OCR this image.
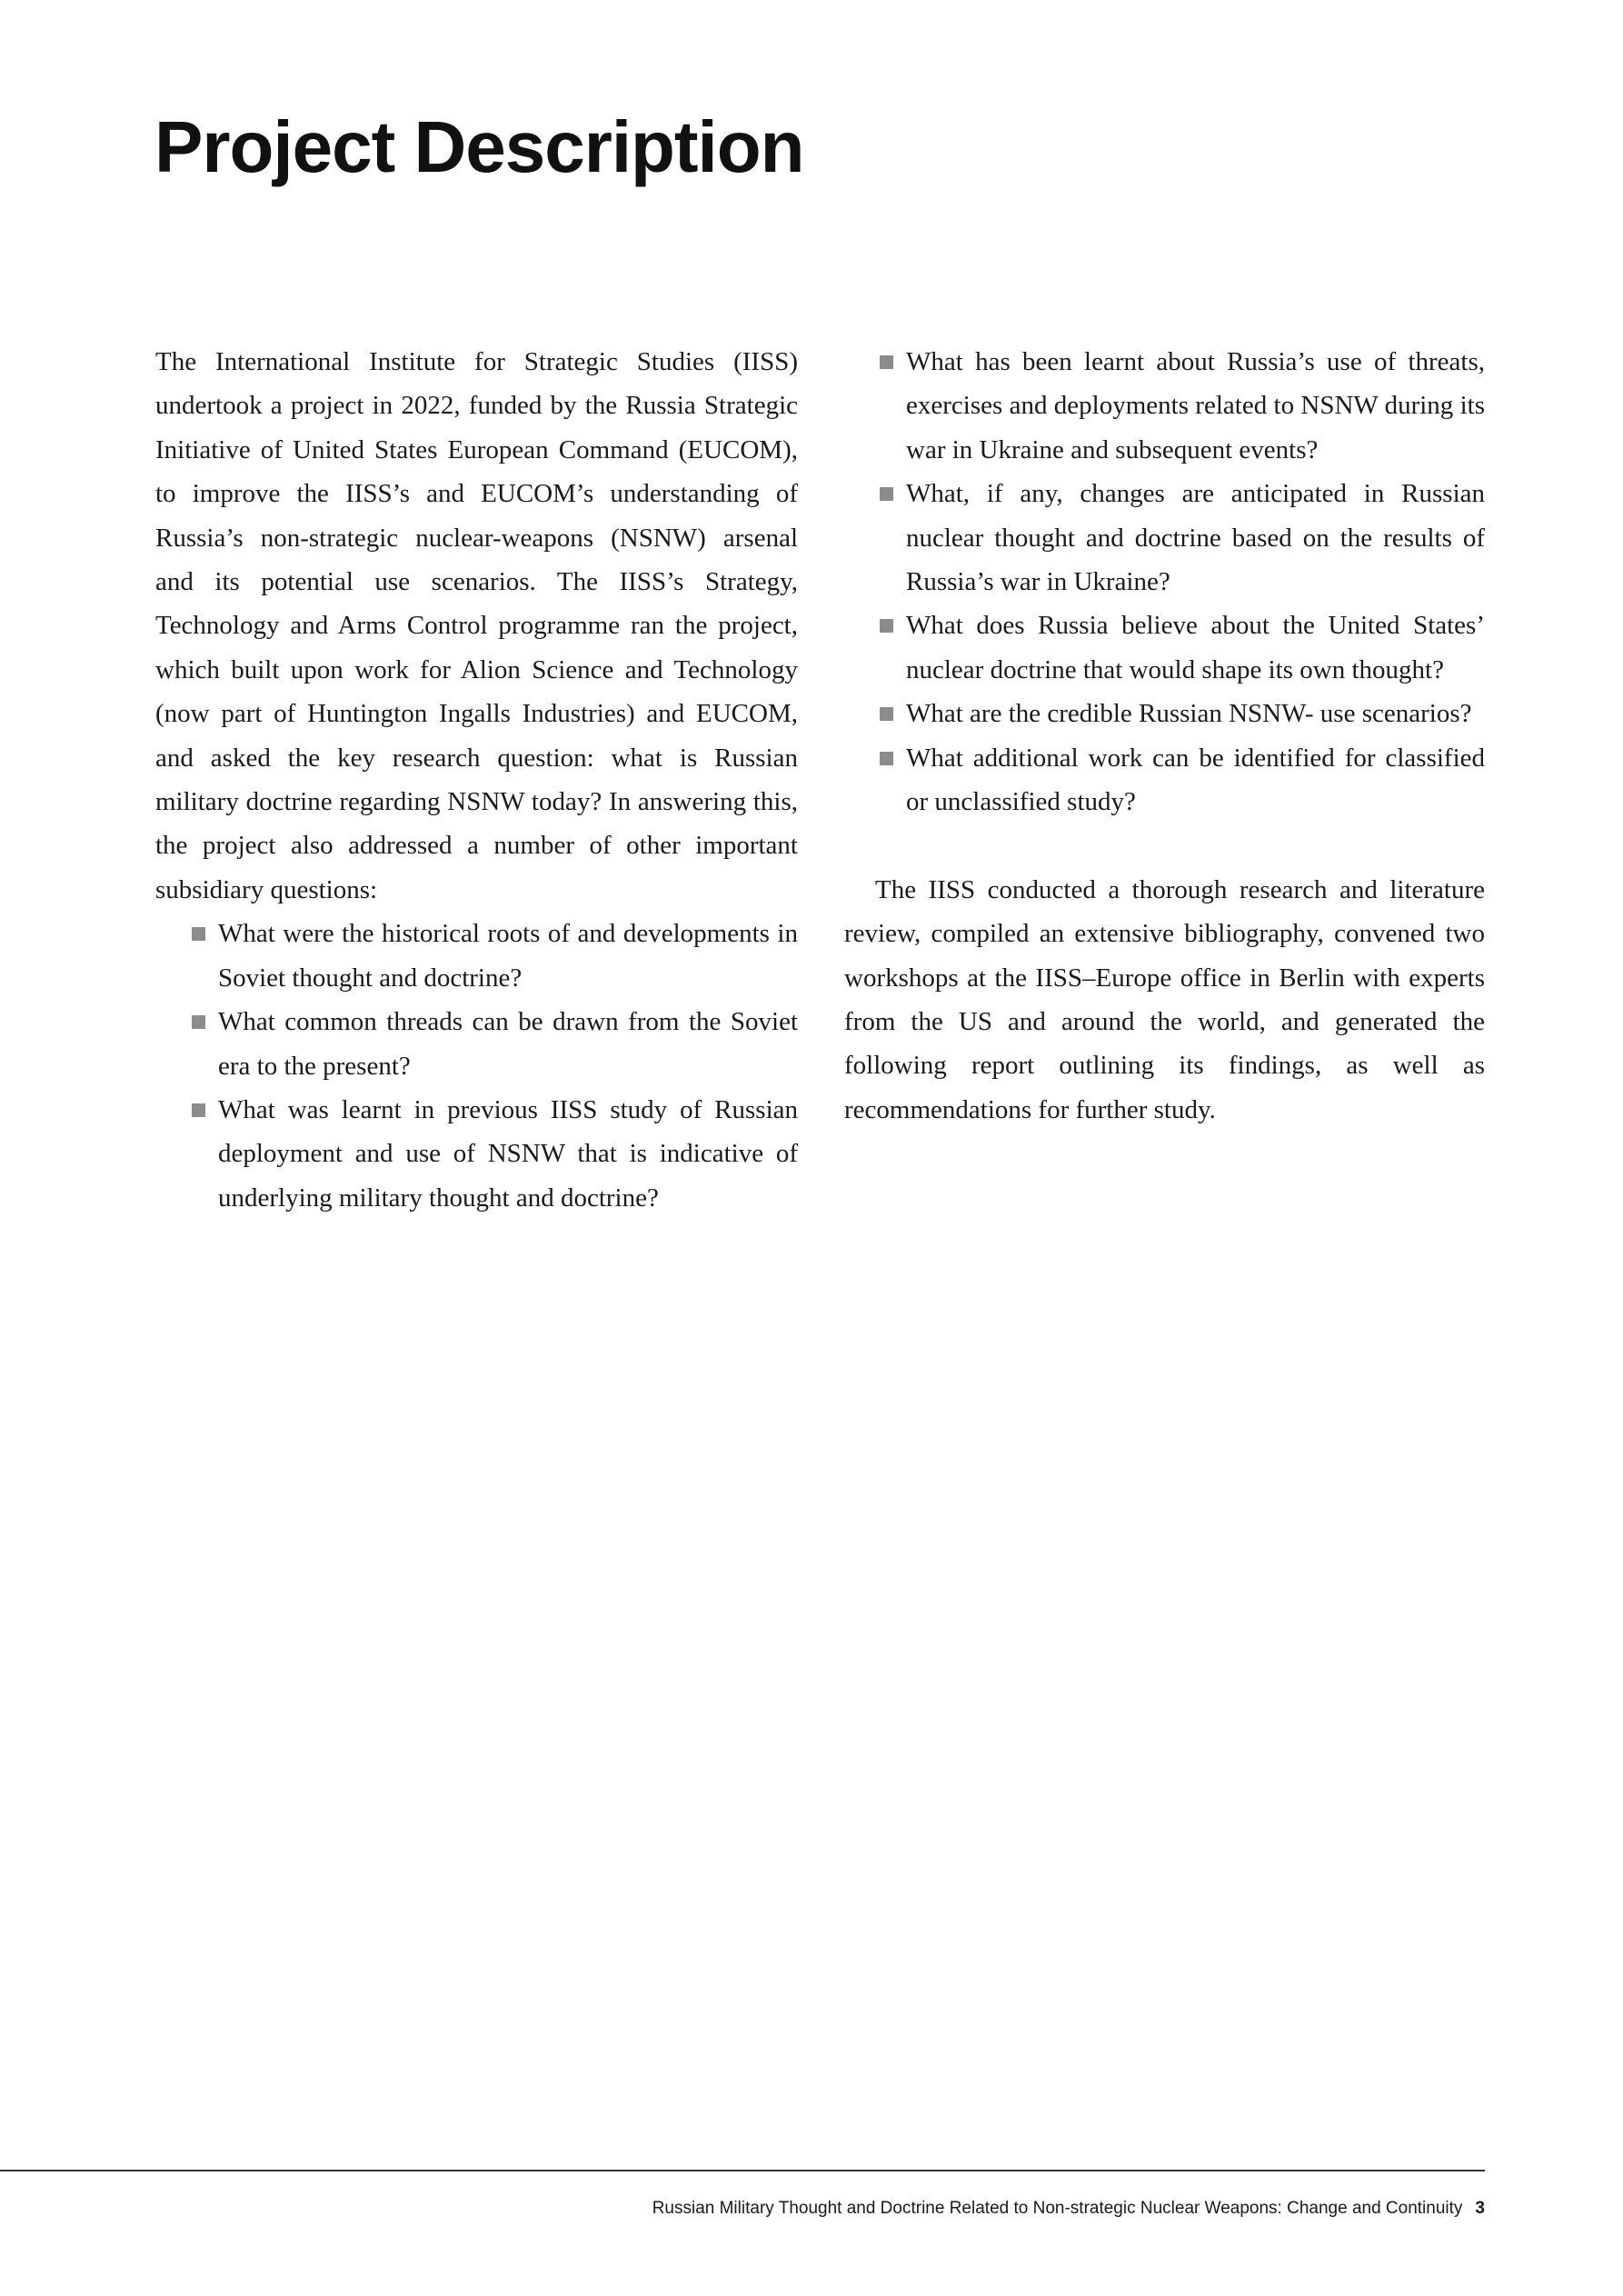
Project Description

The International Institute for Strategic Studies (IISS) undertook a project in 2022, funded by the Russia Strategic Initiative of United States European Command (EUCOM), to improve the IISS’s and EUCOM’s understanding of Russia’s non-strategic nuclear-weapons (NSNW) arsenal and its potential use scenarios. The IISS’s Strategy, Technology and Arms Control programme ran the project, which built upon work for Alion Science and Technology (now part of Huntington Ingalls Industries) and EUCOM, and asked the key research question: what is Russian military doctrine regarding NSNW today? In answering this, the project also addressed a number of other important subsidiary questions:

What were the historical roots of and developments in Soviet thought and doctrine?
What common threads can be drawn from the Soviet era to the present?
What was learnt in previous IISS study of Russian deployment and use of NSNW that is indicative of underlying military thought and doctrine?
What has been learnt about Russia’s use of threats, exercises and deployments related to NSNW during its war in Ukraine and subsequent events?
What, if any, changes are anticipated in Russian nuclear thought and doctrine based on the results of Russia’s war in Ukraine?
What does Russia believe about the United States’ nuclear doctrine that would shape its own thought?
What are the credible Russian NSNW- use scenarios?
What additional work can be identified for classified or unclassified study?

The IISS conducted a thorough research and literature review, compiled an extensive bibliography, convened two workshops at the IISS–Europe office in Berlin with experts from the US and around the world, and generated the following report outlining its findings, as well as recommendations for further study.

Russian Military Thought and Doctrine Related to Non-strategic Nuclear Weapons: Change and Continuity 3
